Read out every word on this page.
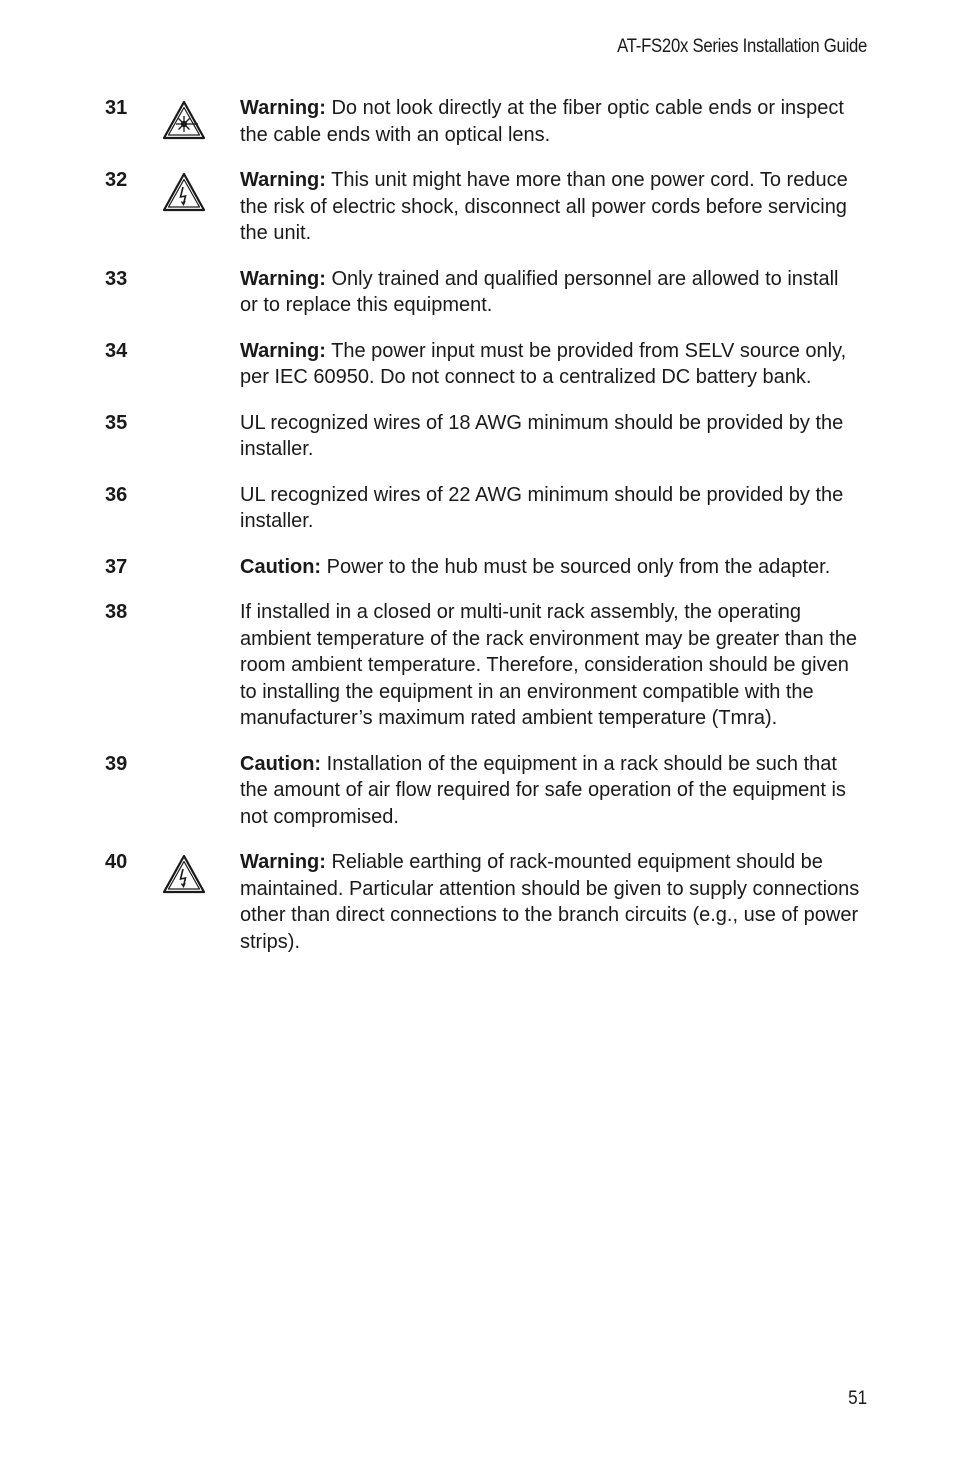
AT-FS20x Series Installation Guide
31	Warning: Do not look directly at the fiber optic cable ends or inspect the cable ends with an optical lens.
32	Warning: This unit might have more than one power cord. To reduce the risk of electric shock, disconnect all power cords before servicing the unit.
33	Warning: Only trained and qualified personnel are allowed to install or to replace this equipment.
34	Warning: The power input must be provided from SELV source only, per IEC 60950. Do not connect to a centralized DC battery bank.
35	UL recognized wires of 18 AWG minimum should be provided by the installer.
36	UL recognized wires of 22 AWG minimum should be provided by the installer.
37	Caution: Power to the hub must be sourced only from the adapter.
38	If installed in a closed or multi-unit rack assembly, the operating ambient temperature of the rack environment may be greater than the room ambient temperature. Therefore, consideration should be given to installing the equipment in an environment compatible with the manufacturer’s maximum rated ambient temperature (Tmra).
39	Caution: Installation of the equipment in a rack should be such that the amount of air flow required for safe operation of the equipment is not compromised.
40	Warning: Reliable earthing of rack-mounted equipment should be maintained. Particular attention should be given to supply connections other than direct connections to the branch circuits (e.g., use of power strips).
51
